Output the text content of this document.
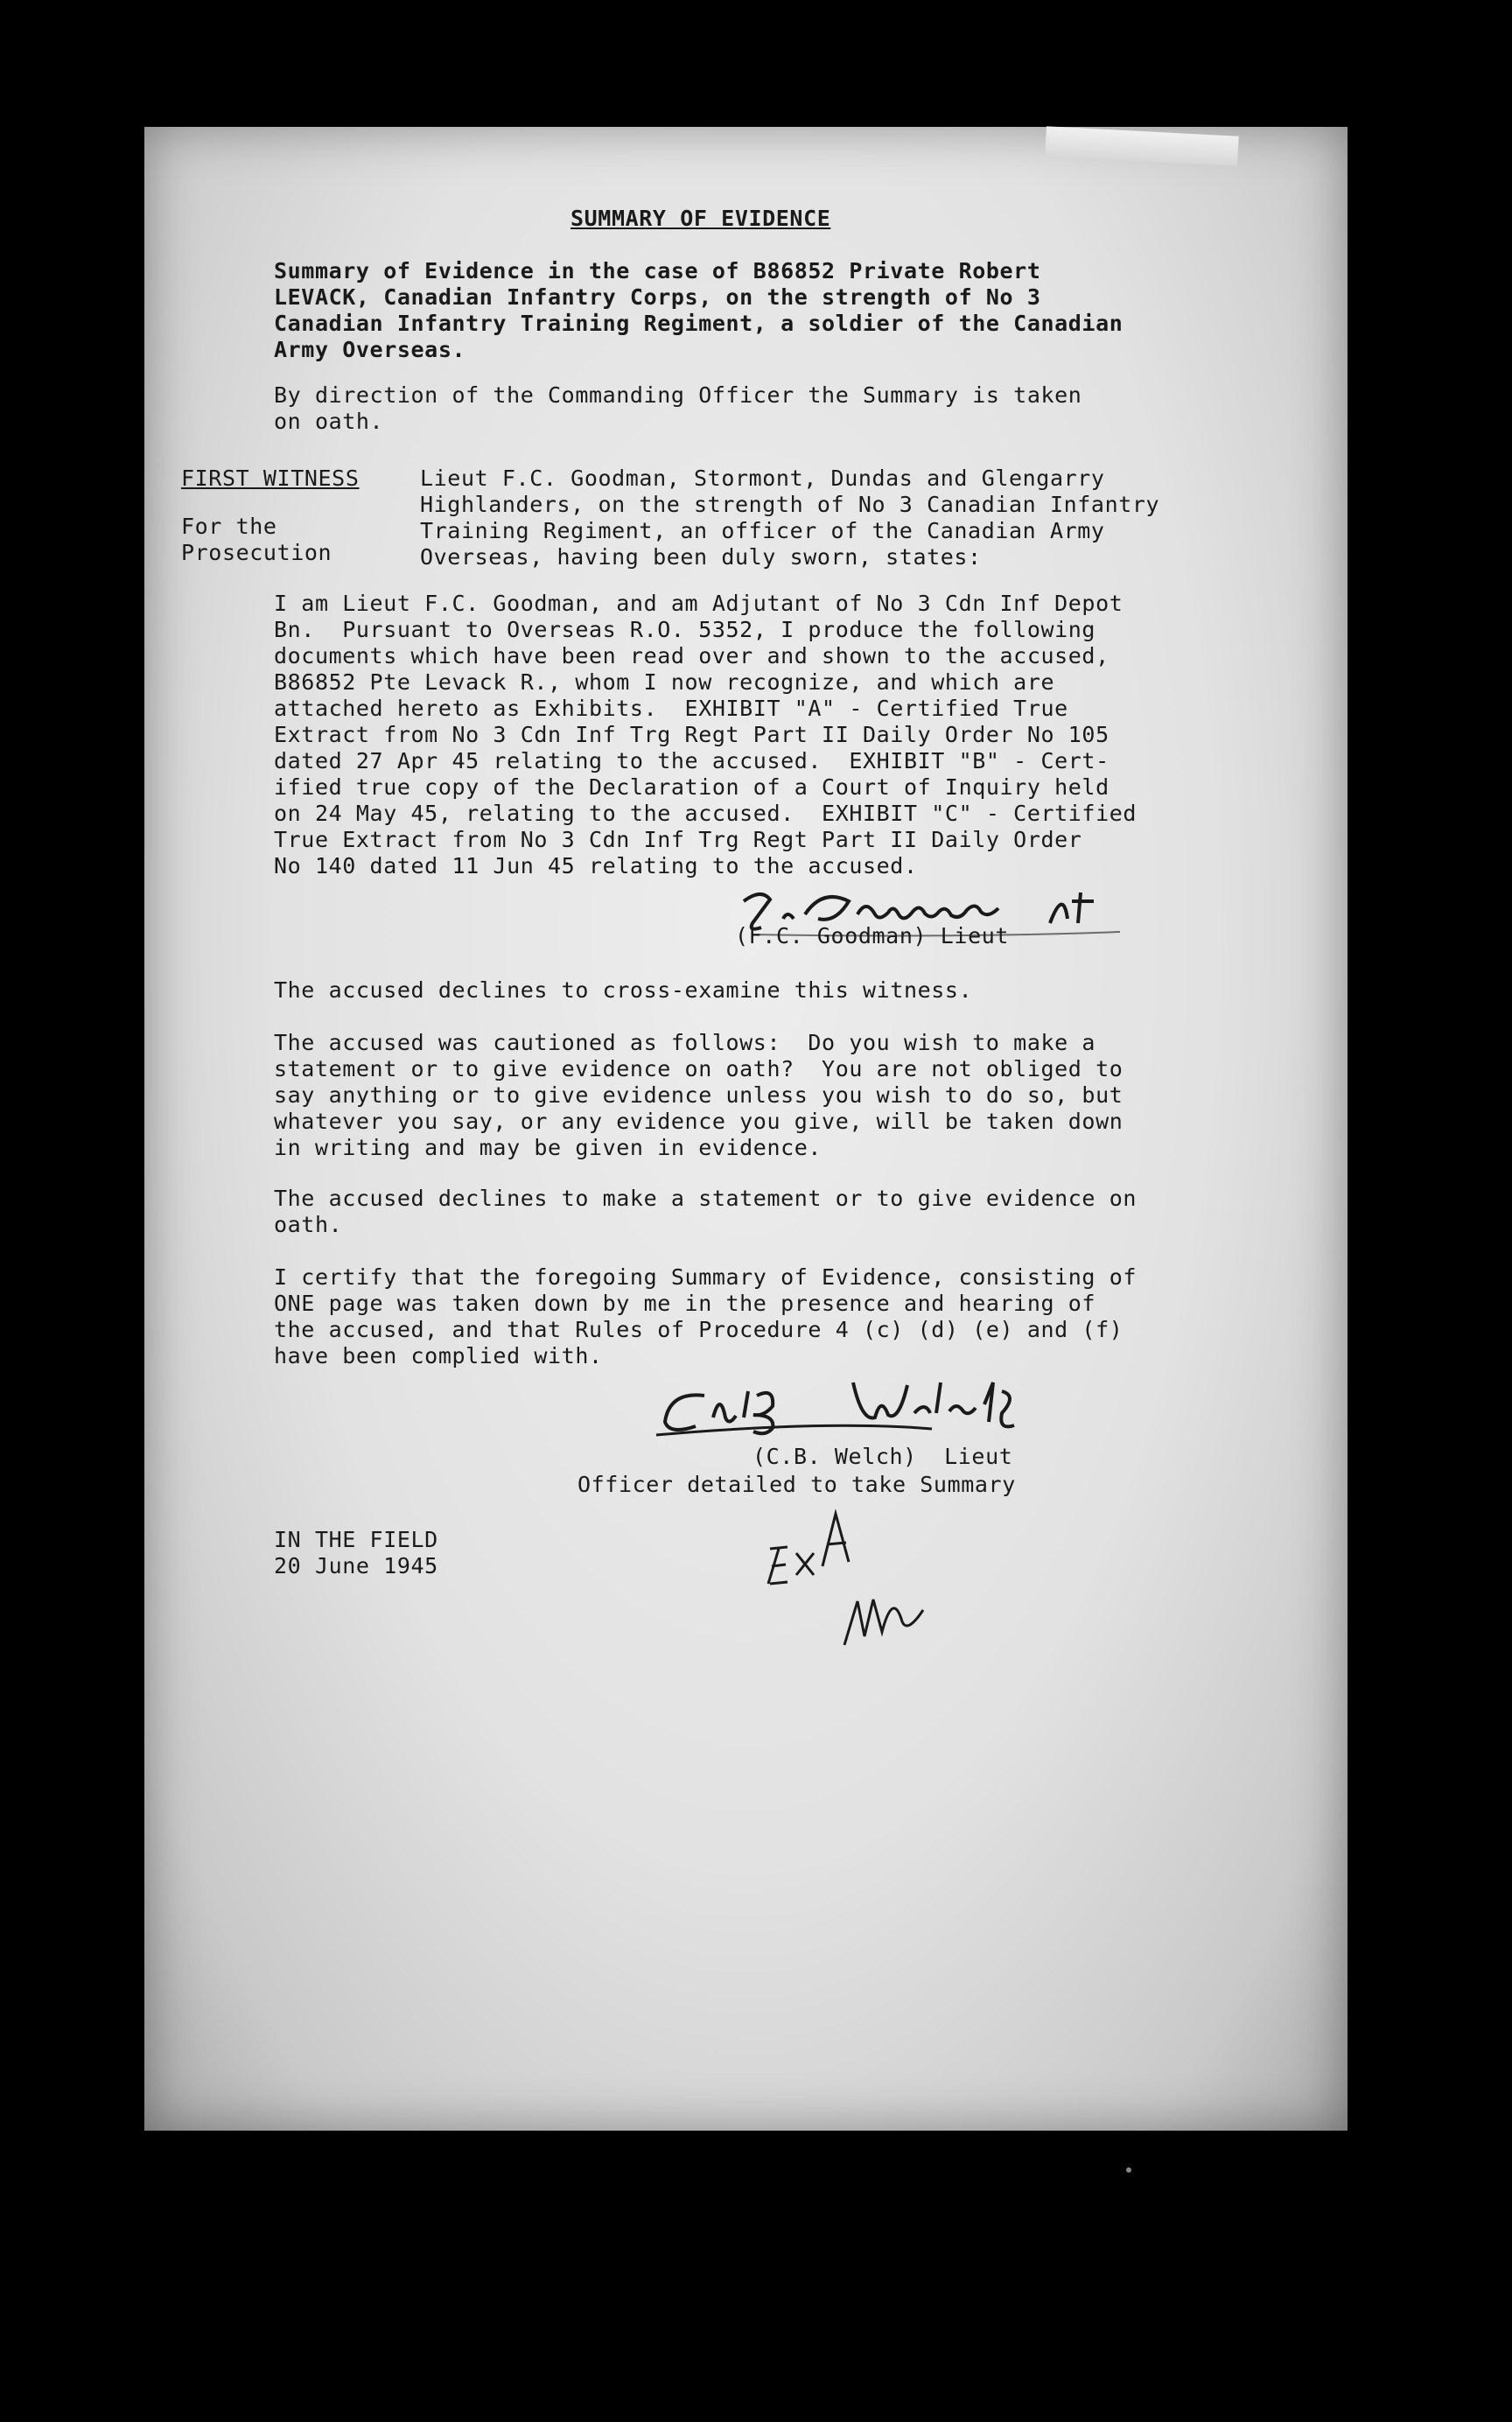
SUMMARY OF EVIDENCE
Summary of Evidence in the case of B86852 Private Robert
LEVACK, Canadian Infantry Corps, on the strength of No 3
Canadian Infantry Training Regiment, a soldier of the Canadian
Army Overseas.
By direction of the Commanding Officer the Summary is taken
on oath.
FIRST WITNESS
For the
Prosecution
Lieut F.C. Goodman, Stormont, Dundas and Glengarry
Highlanders, on the strength of No 3 Canadian Infantry
Training Regiment, an officer of the Canadian Army
Overseas, having been duly sworn, states:
I am Lieut F.C. Goodman, and am Adjutant of No 3 Cdn Inf Depot
Bn.  Pursuant to Overseas R.O. 5352, I produce the following
documents which have been read over and shown to the accused,
B86852 Pte Levack R., whom I now recognize, and which are
attached hereto as Exhibits.  EXHIBIT "A" - Certified True
Extract from No 3 Cdn Inf Trg Regt Part II Daily Order No 105
dated 27 Apr 45 relating to the accused.  EXHIBIT "B" - Cert-
ified true copy of the Declaration of a Court of Inquiry held
on 24 May 45, relating to the accused.  EXHIBIT "C" - Certified
True Extract from No 3 Cdn Inf Trg Regt Part II Daily Order
No 140 dated 11 Jun 45 relating to the accused.
(F.C. Goodman) Lieut
The accused declines to cross-examine this witness.
The accused was cautioned as follows:  Do you wish to make a
statement or to give evidence on oath?  You are not obliged to
say anything or to give evidence unless you wish to do so, but
whatever you say, or any evidence you give, will be taken down
in writing and may be given in evidence.
The accused declines to make a statement or to give evidence on
oath.
I certify that the foregoing Summary of Evidence, consisting of
ONE page was taken down by me in the presence and hearing of
the accused, and that Rules of Procedure 4 (c) (d) (e) and (f)
have been complied with.
(C.B. Welch)  Lieut
Officer detailed to take Summary
IN THE FIELD
20 June 1945
